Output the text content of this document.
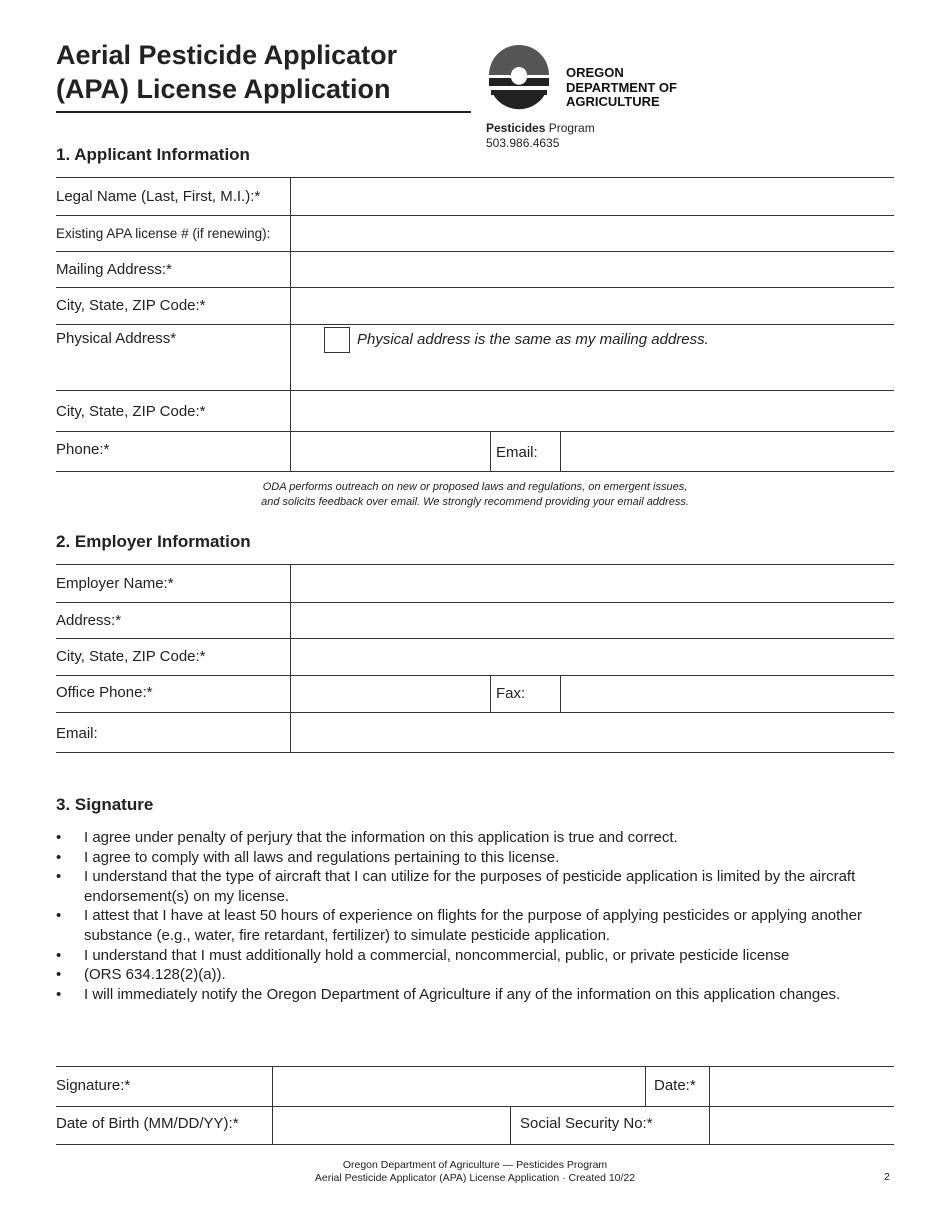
Aerial Pesticide Applicator
(APA) License Application
OREGON
DEPARTMENT OF
AGRICULTURE
Pesticides Program
503.986.4635
1. Applicant Information
Legal Name (Last, First, M.I.):*
Existing APA license # (if renewing):
Mailing Address:*
City, State, ZIP Code:*
Physical Address*	Physical address is the same as my mailing address.
City, State, ZIP Code:*
Phone:*	Email:
ODA performs outreach on new or proposed laws and regulations, on emergent issues,
and solicits feedback over email. We strongly recommend providing your email address.
2. Employer Information
Employer Name:*
Address:*
City, State, ZIP Code:*
Office Phone:*	Fax:
Email:
3. Signature
•	I agree under penalty of perjury that the information on this application is true and correct.
•	I agree to comply with all laws and regulations pertaining to this license.
•	I understand that the type of aircraft that I can utilize for the purposes of pesticide application is limited by the aircraft endorsement(s) on my license.
•	I attest that I have at least 50 hours of experience on flights for the purpose of applying pesticides or applying another substance (e.g., water, fire retardant, fertilizer) to simulate pesticide application.
•	I understand that I must additionally hold a commercial, noncommercial, public, or private pesticide license
•	(ORS 634.128(2)(a)).
•	I will immediately notify the Oregon Department of Agriculture if any of the information on this application changes.
Signature:*	Date:*
Date of Birth (MM/DD/YY):*	Social Security No:*
Oregon Department of Agriculture — Pesticides Program
Aerial Pesticide Applicator (APA) License Application · Created 10/22	2
